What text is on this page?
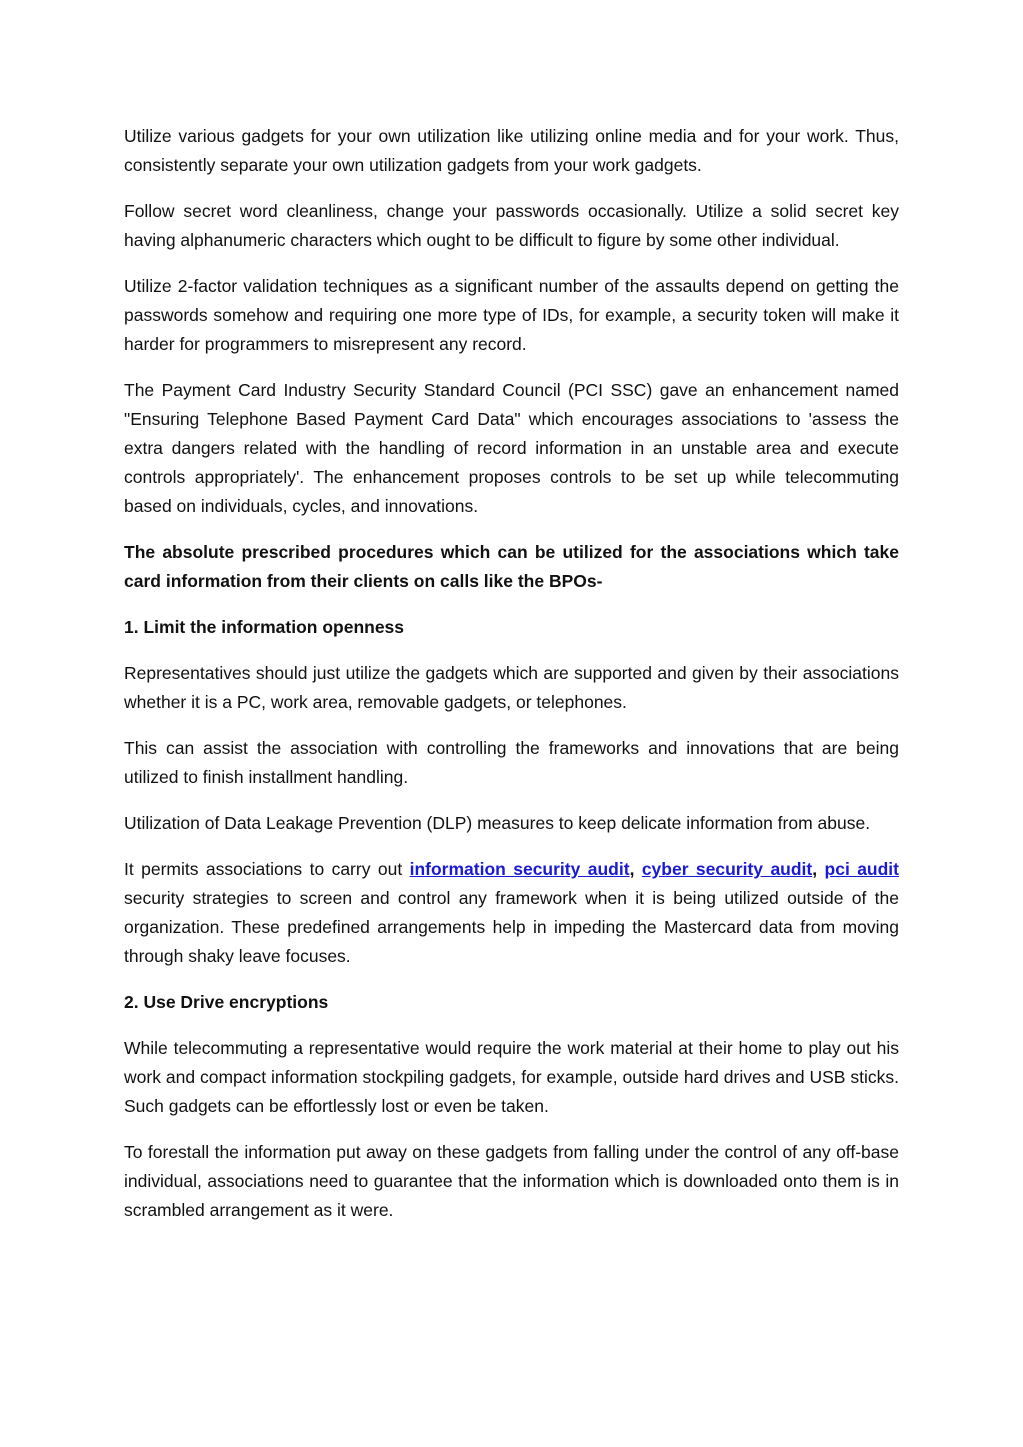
Utilize various gadgets for your own utilization like utilizing online media and for your work. Thus, consistently separate your own utilization gadgets from your work gadgets.

Follow secret word cleanliness, change your passwords occasionally. Utilize a solid secret key having alphanumeric characters which ought to be difficult to figure by some other individual.

Utilize 2-factor validation techniques as a significant number of the assaults depend on getting the passwords somehow and requiring one more type of IDs, for example, a security token will make it harder for programmers to misrepresent any record.

The Payment Card Industry Security Standard Council (PCI SSC) gave an enhancement named "Ensuring Telephone Based Payment Card Data" which encourages associations to 'assess the extra dangers related with the handling of record information in an unstable area and execute controls appropriately'. The enhancement proposes controls to be set up while telecommuting based on individuals, cycles, and innovations.

The absolute prescribed procedures which can be utilized for the associations which take card information from their clients on calls like the BPOs-

1. Limit the information openness

Representatives should just utilize the gadgets which are supported and given by their associations whether it is a PC, work area, removable gadgets, or telephones.

This can assist the association with controlling the frameworks and innovations that are being utilized to finish installment handling.

Utilization of Data Leakage Prevention (DLP) measures to keep delicate information from abuse.

It permits associations to carry out information security audit, cyber security audit, pci audit security strategies to screen and control any framework when it is being utilized outside of the organization. These predefined arrangements help in impeding the Mastercard data from moving through shaky leave focuses.

2. Use Drive encryptions

While telecommuting a representative would require the work material at their home to play out his work and compact information stockpiling gadgets, for example, outside hard drives and USB sticks. Such gadgets can be effortlessly lost or even be taken.

To forestall the information put away on these gadgets from falling under the control of any off-base individual, associations need to guarantee that the information which is downloaded onto them is in scrambled arrangement as it were.
